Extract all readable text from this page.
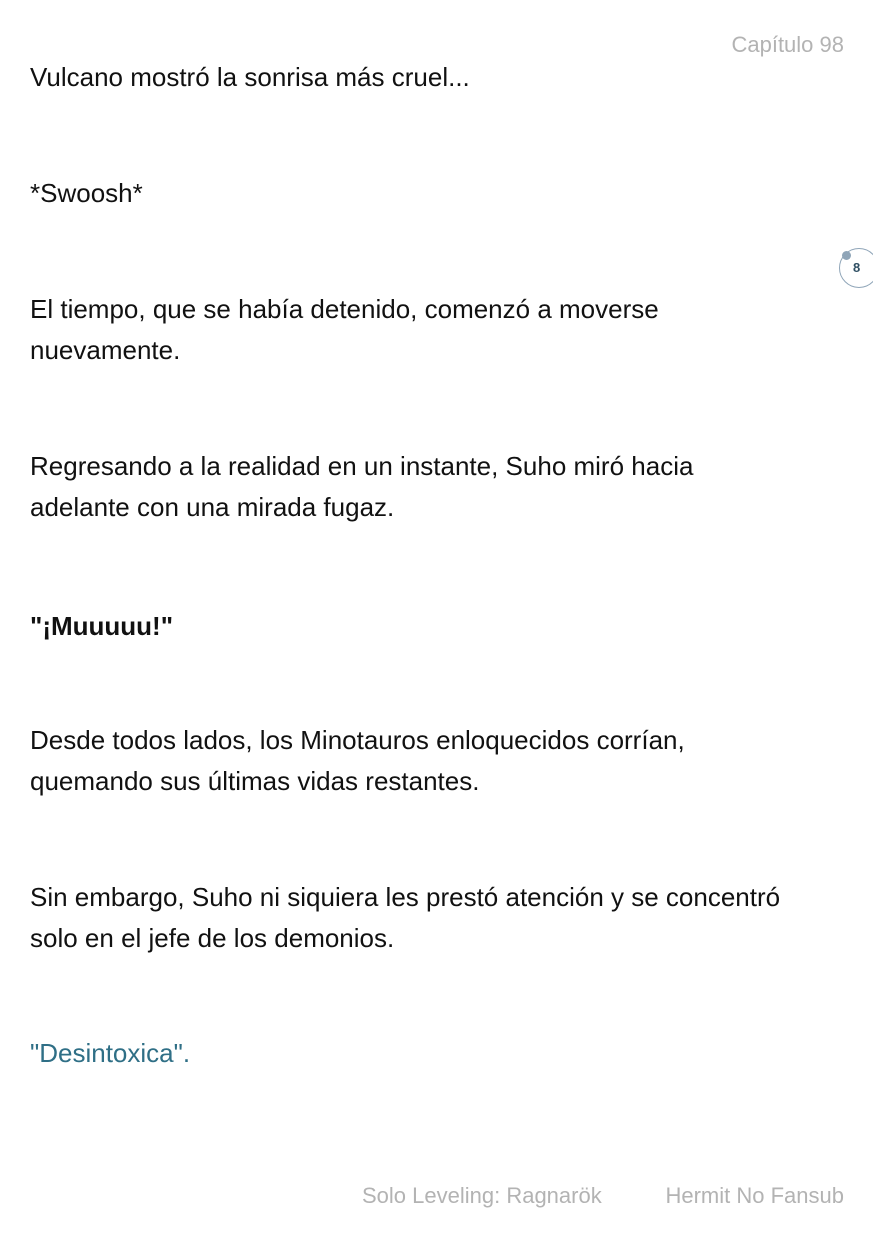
Capítulo 98

Vulcano mostró la sonrisa más cruel...

*Swoosh*

8

El tiempo, que se había detenido, comenzó a moverse
nuevamente.

Regresando a la realidad en un instante, Suho miró hacia
adelante con una mirada fugaz.

"¡Muuuuu!"

Desde todos lados, los Minotauros enloquecidos corrían,
quemando sus últimas vidas restantes.

Sin embargo, Suho ni siquiera les prestó atención y se concentró
solo en el jefe de los demonios.

"Desintoxica".

Solo Leveling: Ragnarök	Hermit No Fansub
